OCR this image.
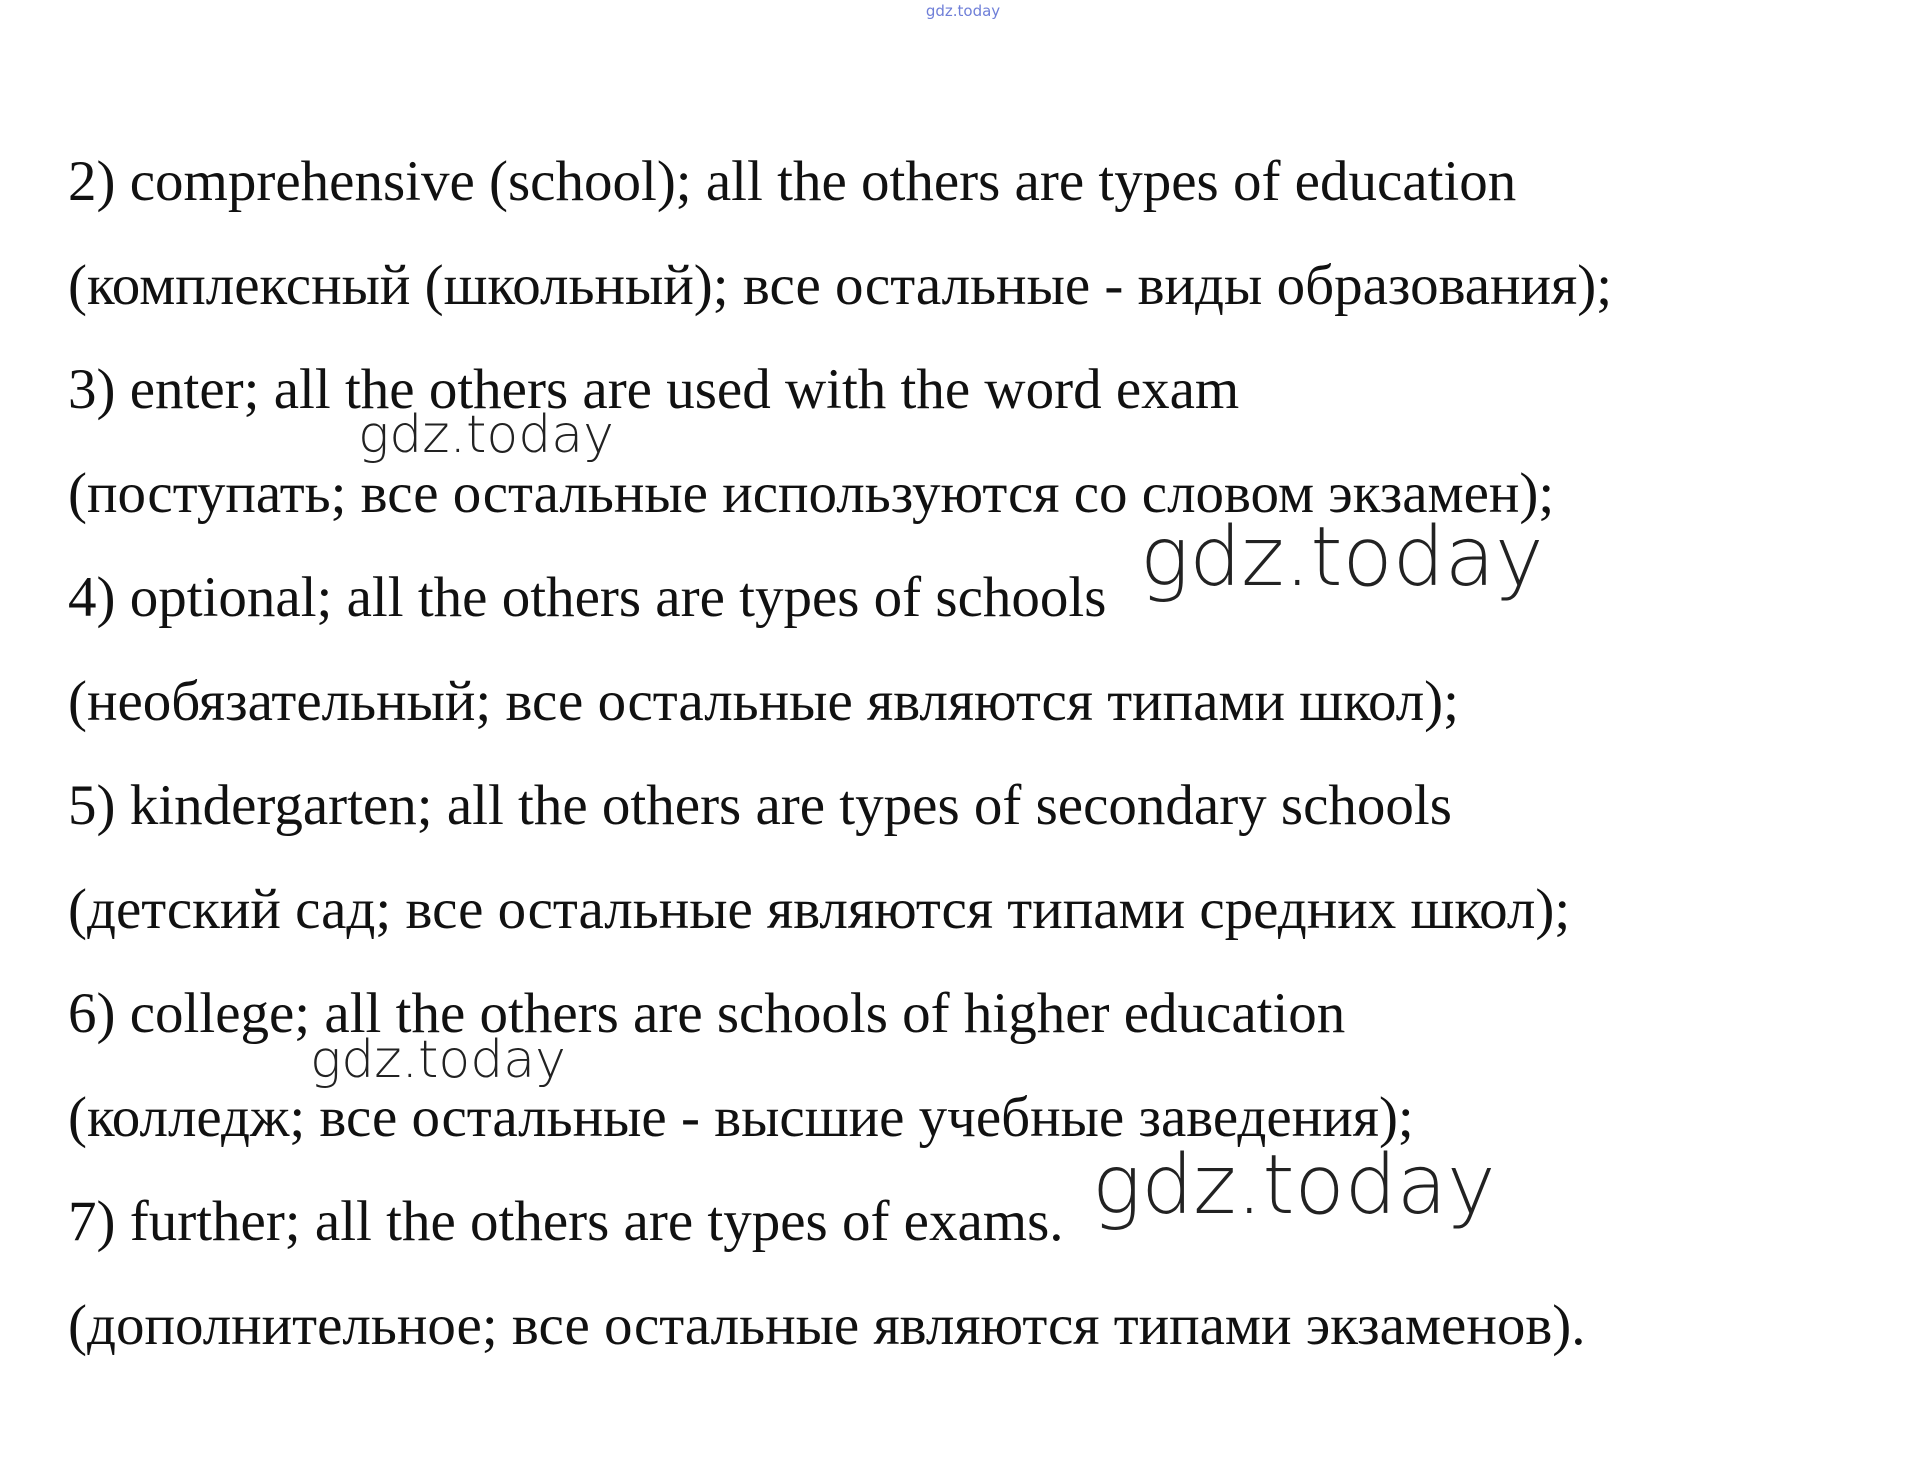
gdz.today

2) comprehensive (school); all the others are types of education

(комплексный (школьный); все остальные - виды образования);

3) enter; all the others are used with the word exam

(поступать; все остальные используются со словом экзамен);

4) optional; all the others are types of schools

(необязательный; все остальные являются типами школ);

5) kindergarten; all the others are types of secondary schools

(детский сад; все остальные являются типами средних школ);

6) college; all the others are schools of higher education

(колледж; все остальные - высшие учебные заведения);

7) further; all the others are types of exams.

(дополнительное; все остальные являются типами экзаменов).

gdz.today
gdz.today
gdz.today
gdz.today
